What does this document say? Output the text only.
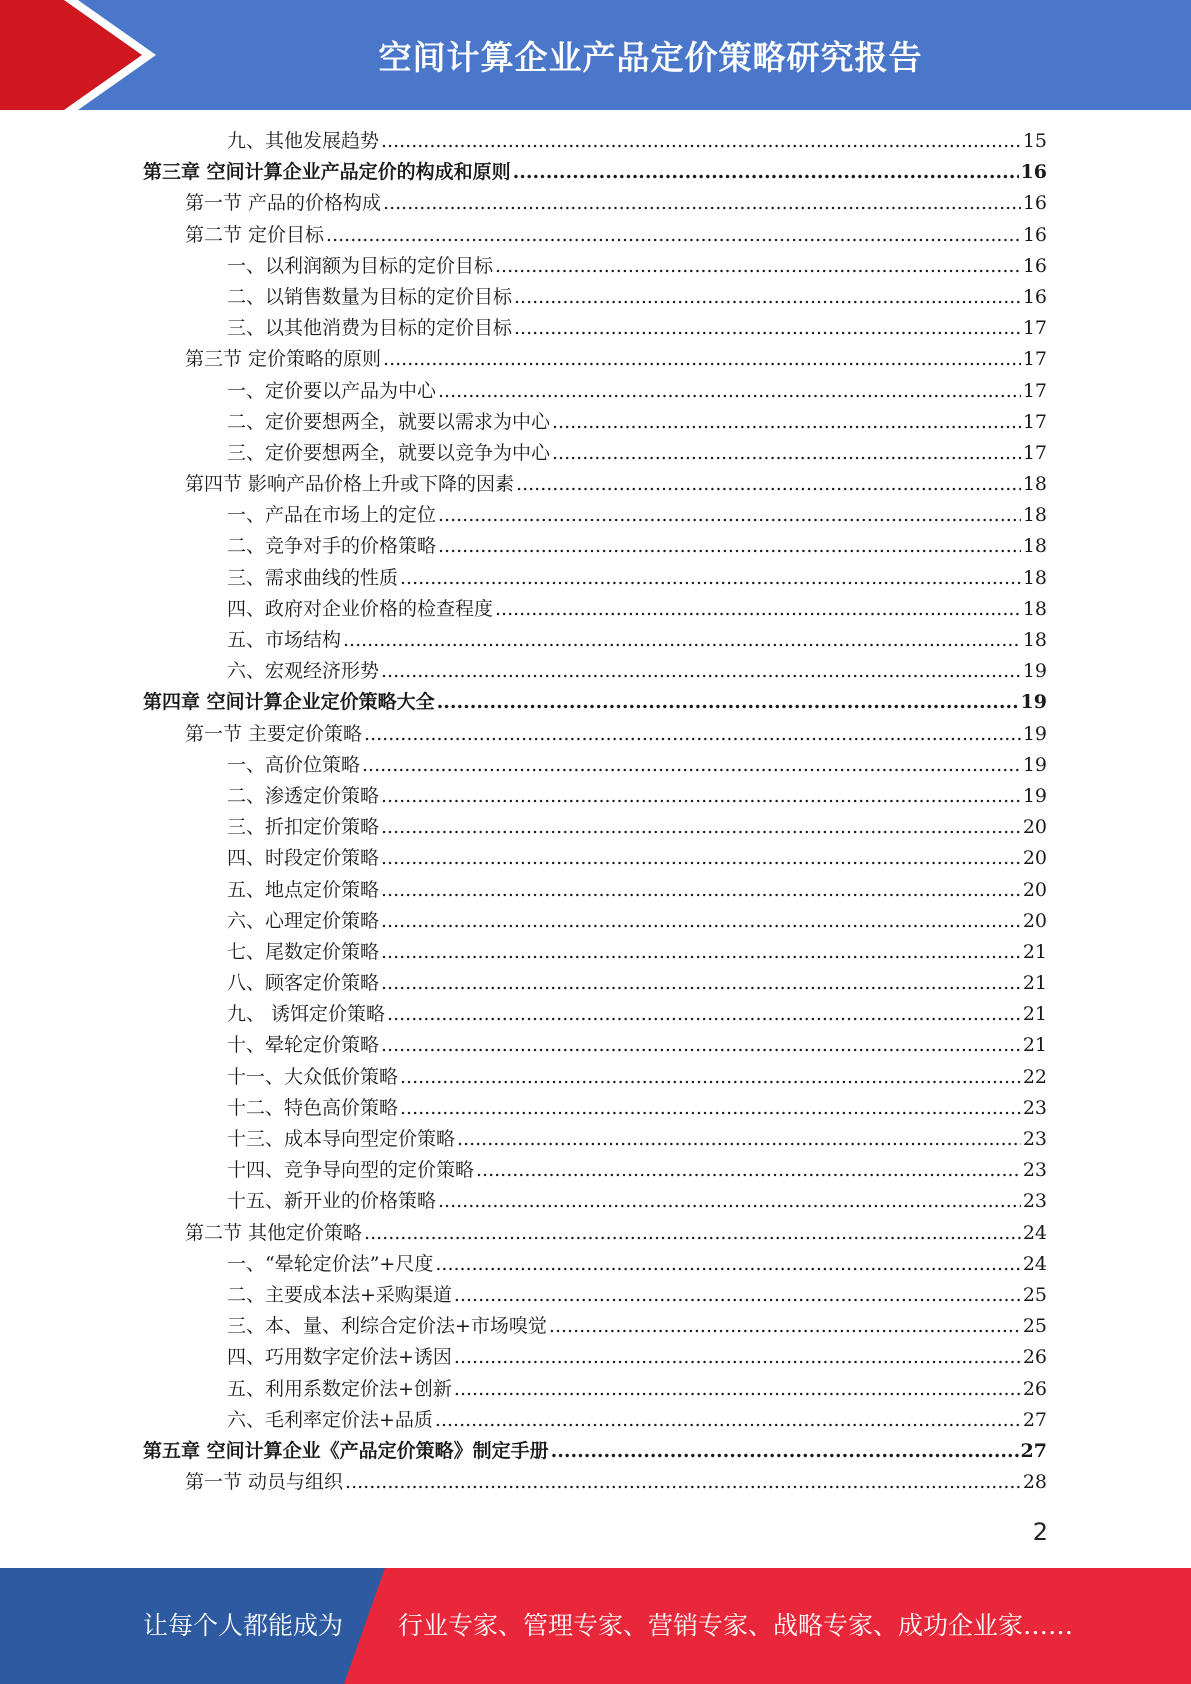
空间计算企业产品定价策略研究报告
九、其他发展趋势 .....	15
第三章 空间计算企业产品定价的构成和原则 .....	16
第一节 产品的价格构成 .....	16
第二节 定价目标 .....	16
一、以利润额为目标的定价目标 .....	16
二、以销售数量为目标的定价目标 .....	16
三、以其他消费为目标的定价目标 .....	17
第三节 定价策略的原则 .....	17
一、定价要以产品为中心 .....	17
二、定价要想两全，就要以需求为中心 .....	17
三、定价要想两全，就要以竞争为中心 .....	17
第四节 影响产品价格上升或下降的因素 .....	18
一、产品在市场上的定位 .....	18
二、竞争对手的价格策略 .....	18
三、需求曲线的性质 .....	18
四、政府对企业价格的检查程度 .....	18
五、市场结构 .....	18
六、宏观经济形势 .....	19
第四章 空间计算企业定价策略大全 .....	19
第一节 主要定价策略 .....	19
一、高价位策略 .....	19
二、渗透定价策略 .....	19
三、折扣定价策略 .....	20
四、时段定价策略 .....	20
五、地点定价策略 .....	20
六、心理定价策略 .....	20
七、尾数定价策略 .....	21
八、顾客定价策略 .....	21
九、 诱饵定价策略 .....	21
十、晕轮定价策略 .....	21
十一、大众低价策略 .....	22
十二、特色高价策略 .....	23
十三、成本导向型定价策略 .....	23
十四、竞争导向型的定价策略 .....	23
十五、新开业的价格策略 .....	23
第二节 其他定价策略 .....	24
一、“晕轮定价法”+尺度 .....	24
二、主要成本法+采购渠道 .....	25
三、本、量、利综合定价法+市场嗅觉 .....	25
四、巧用数字定价法+诱因 .....	26
五、利用系数定价法+创新 .....	26
六、毛利率定价法+品质 .....	27
第五章 空间计算企业《产品定价策略》制定手册 .....	27
第一节 动员与组织 .....	28
2
让每个人都能成为 行业专家、管理专家、营销专家、战略专家、成功企业家……
